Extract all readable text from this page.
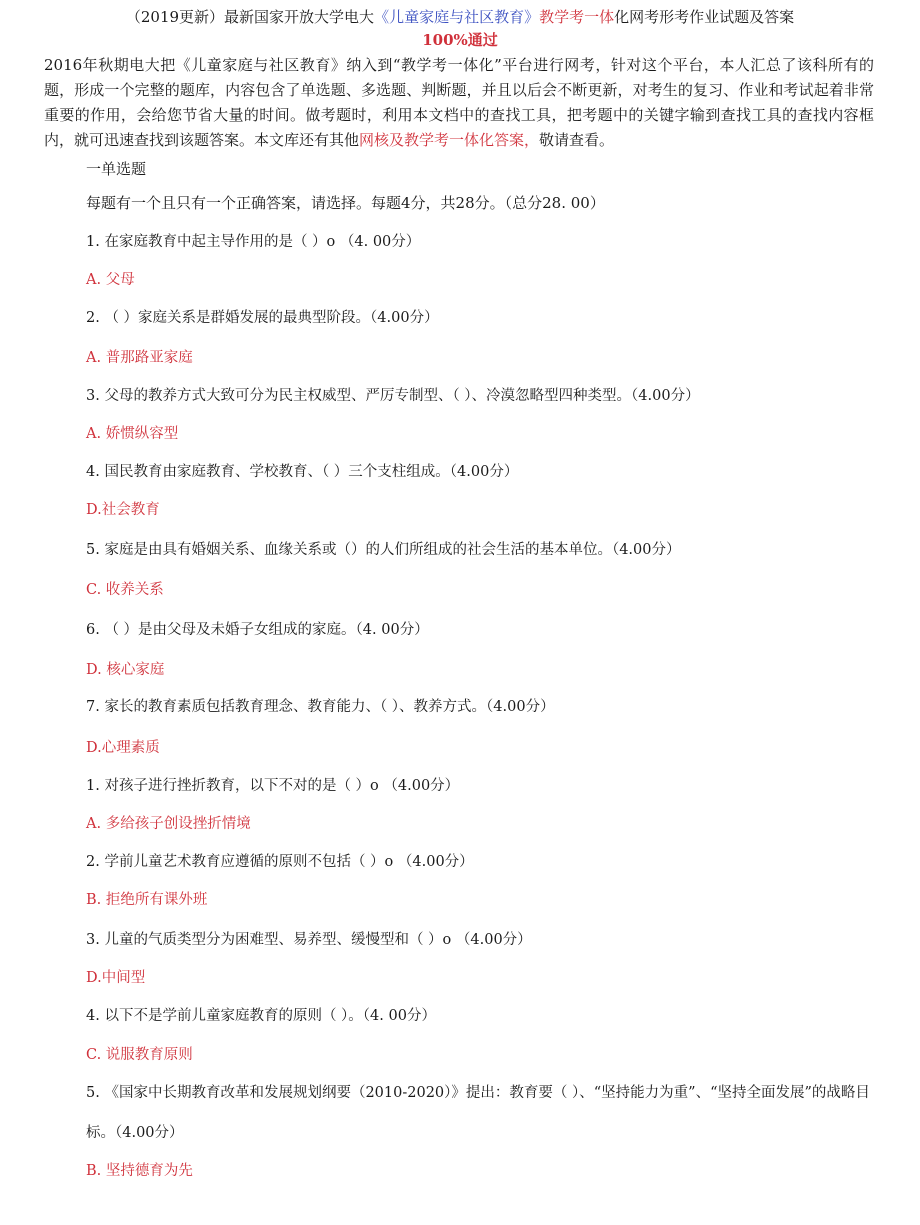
（2019更新）最新国家开放大学电大《儿童家庭与社区教育》教学考一体化网考形考作业试题及答案
100%通过
2016年秋期电大把《儿童家庭与社区教育》纳入到“教学考一体化”平台进行网考，针对这个平台，本人汇总了该科所有的题，形成一个完整的题库，内容包含了单选题、多选题、判断题，并且以后会不断更新，对考生的复习、作业和考试起着非常重要的作用，会给您节省大量的时间。做考题时，利用本文档中的查找工具，把考题中的关键字输到查找工具的查找内容框内，就可迅速查找到该题答案。本文库还有其他网核及教学考一体化答案，敬请查看。
一单选题
每题有一个且只有一个正确答案，请选择。每题4分，共28分。（总分28. 00）
1. 在家庭教育中起主导作用的是（ ）o （4. 00分）
A. 父母
2. （ ）家庭关系是群婚发展的最典型阶段。（4.00分）
A. 普那路亚家庭
3. 父母的教养方式大致可分为民主权威型、严厉专制型、（ ）、冷漠忽略型四种类型。（4.00分）
A. 娇惯纵容型
4. 国民教育由家庭教育、学校教育、（ ）三个支柱组成。（4.00分）
D.社会教育
5. 家庭是由具有婚姻关系、血缘关系或（）的人们所组成的社会生活的基本单位。（4.00分）
C. 收养关系
6. （ ）是由父母及未婚子女组成的家庭。（4. 00分）
D. 核心家庭
7. 家长的教育素质包括教育理念、教育能力、（ ）、教养方式。（4.00分）
D.心理素质
1. 对孩子进行挫折教育，以下不对的是（ ）o （4.00分）
A. 多给孩子创设挫折情境
2. 学前儿童艺术教育应遵循的原则不包括（ ）o （4.00分）
B. 拒绝所有课外班
3. 儿童的气质类型分为困难型、易养型、缓慢型和（ ）o （4.00分）
D.中间型
4. 以下不是学前儿童家庭教育的原则（ ）。（4. 00分）
C. 说服教育原则
5. 《国家中长期教育改革和发展规划纲要（2010-2020）》提出：教育要（ ）、“坚持能力为重”、“坚持全面发展”的战略目标。（4.00分）
B. 坚持德育为先
